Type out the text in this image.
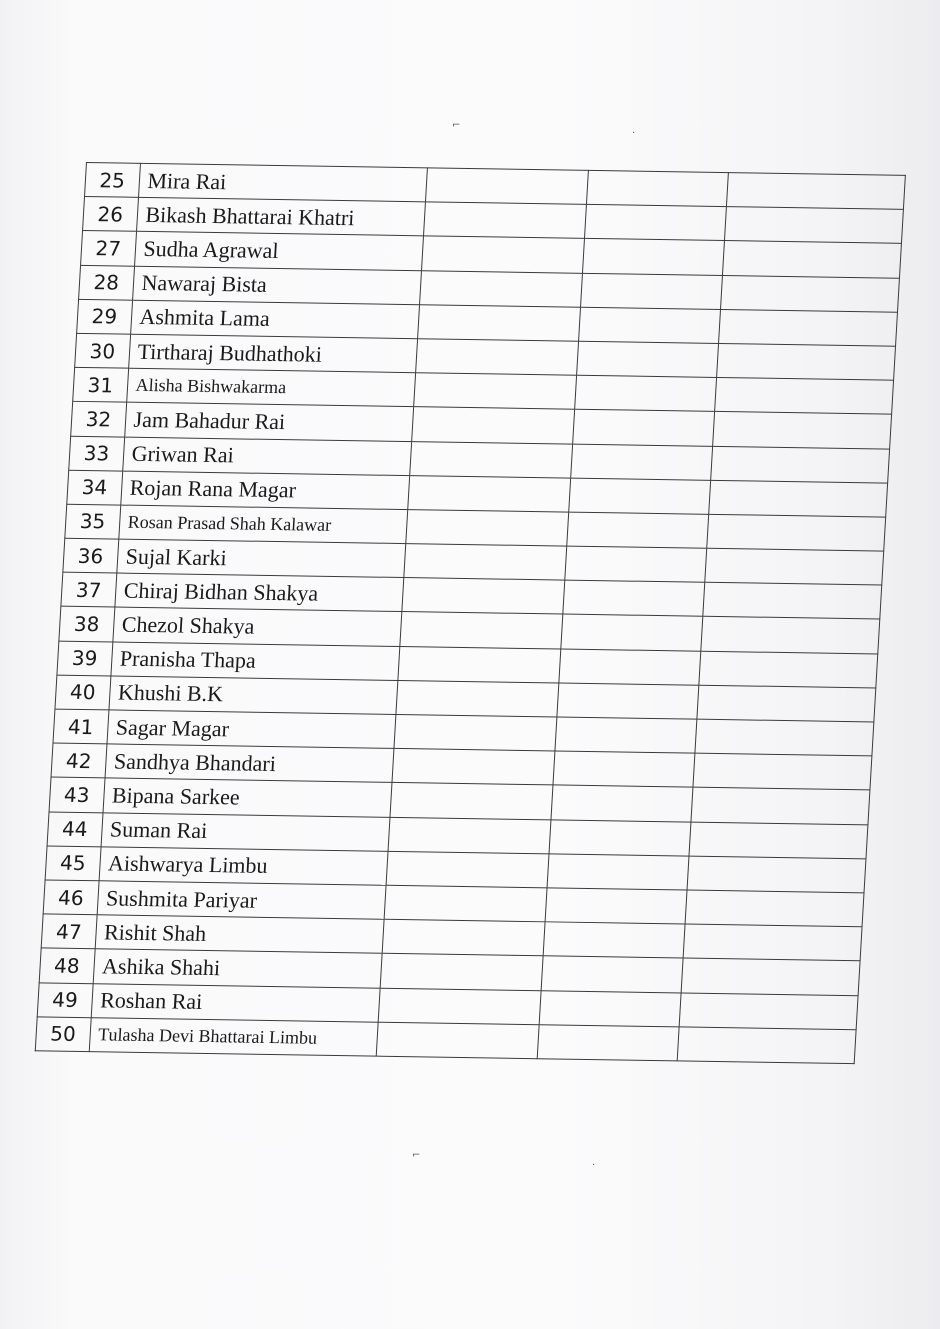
⌐
·
⌐
·
25	Mira Rai			
26	Bikash Bhattarai Khatri			
27	Sudha Agrawal			
28	Nawaraj Bista			
29	Ashmita Lama			
30	Tirtharaj Budhathoki			
31	Alisha Bishwakarma			
32	Jam Bahadur Rai			
33	Griwan Rai			
34	Rojan Rana Magar			
35	Rosan Prasad Shah Kalawar			
36	Sujal Karki			
37	Chiraj Bidhan Shakya			
38	Chezol Shakya			
39	Pranisha Thapa			
40	Khushi B.K			
41	Sagar Magar			
42	Sandhya Bhandari			
43	Bipana Sarkee			
44	Suman Rai			
45	Aishwarya Limbu			
46	Sushmita Pariyar			
47	Rishit Shah			
48	Ashika Shahi			
49	Roshan Rai			
50	Tulasha Devi Bhattarai Limbu			
